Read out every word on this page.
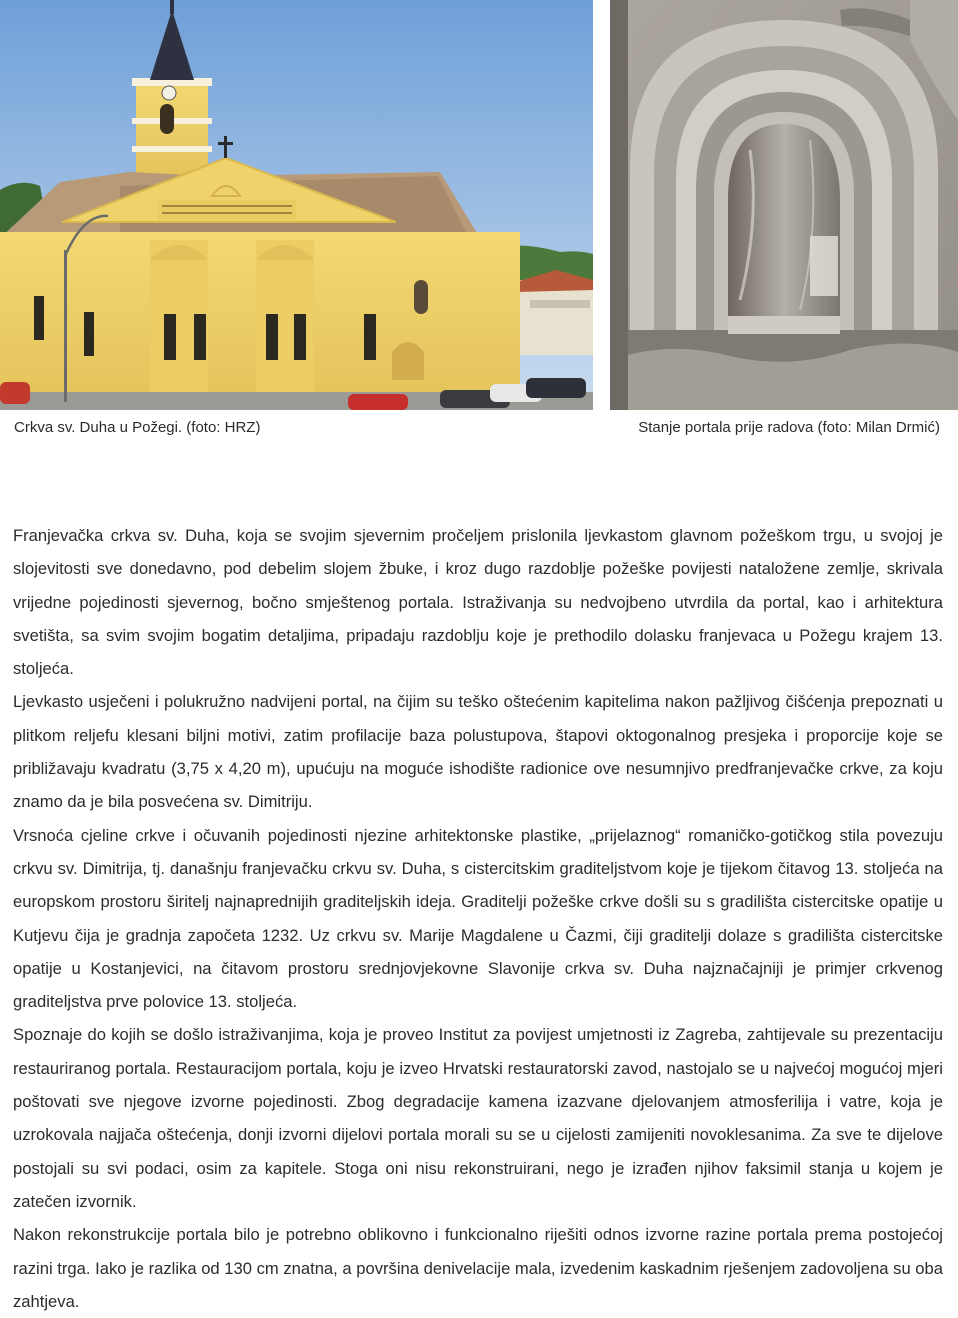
Crkva sv. Duha u Požegi. (foto: HRZ)	Stanje portala prije radova (foto: Milan Drmić)

Franjevačka crkva sv. Duha, koja se svojim sjevernim pročeljem prislonila ljevkastom glavnom požeškom trgu, u svojoj je slojevitosti sve donedavno, pod debelim slojem žbuke, i kroz dugo razdoblje požeške povijesti nataložene zemlje, skrivala vrijedne pojedinosti sjevernog, bočno smještenog portala. Istraživanja su nedvojbeno utvrdila da portal, kao i arhitektura svetišta, sa svim svojim bogatim detaljima, pripadaju razdoblju koje je prethodilo dolasku franjevaca u Požegu krajem 13. stoljeća.

Ljevkasto usječeni i polukružno nadvijeni portal, na čijim su teško oštećenim kapitelima nakon pažljivog čišćenja prepoznati u plitkom reljefu klesani biljni motivi, zatim profilacije baza polustupova, štapovi oktogonalnog presjeka i proporcije koje se približavaju kvadratu (3,75 x 4,20 m), upućuju na moguće ishodište radionice ove nesumnjivo predfranjevačke crkve, za koju znamo da je bila posvećena sv. Dimitriju.

Vrsnoća cjeline crkve i očuvanih pojedinosti njezine arhitektonske plastike, „prijelaznog“ romaničko-gotičkog stila povezuju crkvu sv. Dimitrija, tj. današnju franjevačku crkvu sv. Duha, s cistercitskim graditeljstvom koje je tijekom čitavog 13. stoljeća na europskom prostoru širitelj najnaprednijih graditeljskih ideja. Graditelji požeške crkve došli su s gradilišta cistercitske opatije u Kutjevu čija je gradnja započeta 1232. Uz crkvu sv. Marije Magdalene u Čazmi, čiji graditelji dolaze s gradilišta cistercitske opatije u Kostanjevici, na čitavom prostoru srednjovjekovne Slavonije crkva sv. Duha najznačajniji je primjer crkvenog graditeljstva prve polovice 13. stoljeća.

Spoznaje do kojih se došlo istraživanjima, koja je proveo Institut za povijest umjetnosti iz Zagreba, zahtijevale su prezentaciju restauriranog portala. Restauracijom portala, koju je izveo Hrvatski restauratorski zavod, nastojalo se u najvećoj mogućoj mjeri poštovati sve njegove izvorne pojedinosti. Zbog degradacije kamena izazvane djelovanjem atmosferilija i vatre, koja je uzrokovala najjača oštećenja, donji izvorni dijelovi portala morali su se u cijelosti zamijeniti novoklesanima. Za sve te dijelove postojali su svi podaci, osim za kapitele. Stoga oni nisu rekonstruirani, nego je izrađen njihov faksimil stanja u kojem je zatečen izvornik.

Nakon rekonstrukcije portala bilo je potrebno oblikovno i funkcionalno riješiti odnos izvorne razine portala prema postojećoj razini trga. Iako je razlika od 130 cm znatna, a površina denivelacije mala, izvedenim kaskadnim rješenjem zadovoljena su oba zahtjeva.
